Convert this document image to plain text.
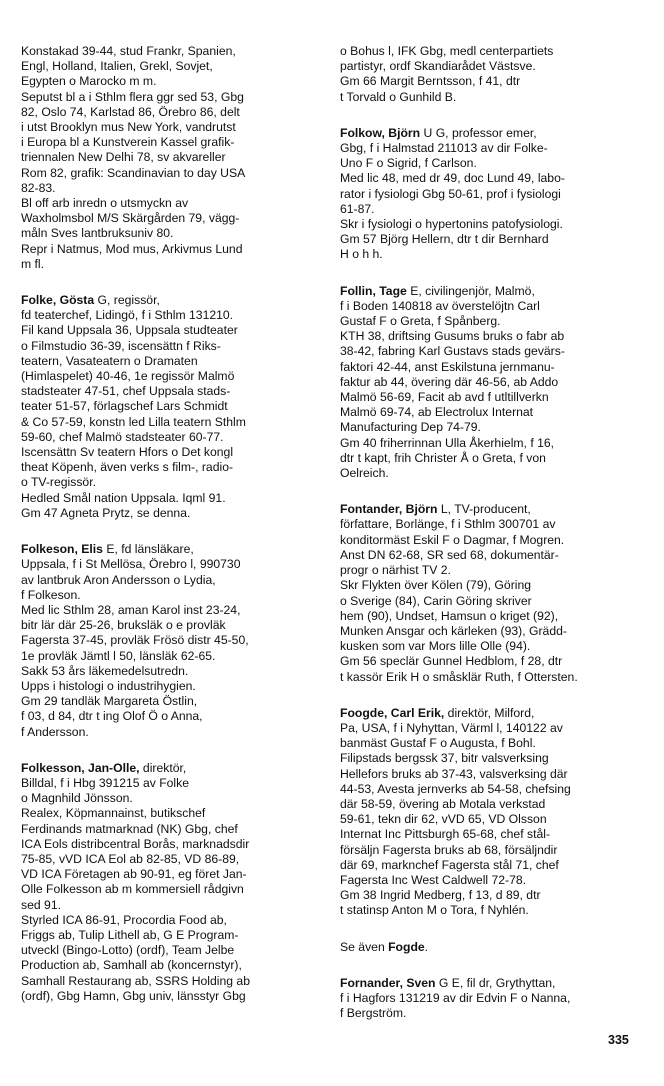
Konstakad 39-44, stud Frankr, Spanien,
Engl, Holland, Italien, Grekl, Sovjet,
Egypten o Marocko m m.
Seputst bl a i Sthlm flera ggr sed 53, Gbg
82, Oslo 74, Karlstad 86, Örebro 86, delt
i utst Brooklyn mus New York, vandrutst
i Europa bl a Kunstverein Kassel grafik-
triennalen New Delhi 78, sv akvareller
Rom 82, grafik: Scandinavian to day USA
82-83.
Bl off arb inredn o utsmyckn av
Waxholmsbol M/S Skärgården 79, vägg-
måln Sves lantbruksuniv 80.
Repr i Natmus, Mod mus, Arkivmus Lund
m fl.
Folke, Gösta G, regissör,
fd teaterchef, Lidingö, f i Sthlm 131210.
Fil kand Uppsala 36, Uppsala studteater
o Filmstudio 36-39, iscensättn f Riks-
teatern, Vasateatern o Dramaten
(Himlaspelet) 40-46, 1e regissör Malmö
stadsteater 47-51, chef Uppsala stads-
teater 51-57, förlagschef Lars Schmidt
& Co 57-59, konstn led Lilla teatern Sthlm
59-60, chef Malmö stadsteater 60-77.
Iscensättn Sv teatern Hfors o Det kongl
theat Köpenh, även verks s film-, radio-
o TV-regissör.
Hedled Smål nation Uppsala. Iqml 91.
Gm 47 Agneta Prytz, se denna.
Folkeson, Elis E, fd länsläkare,
Uppsala, f i St Mellösa, Örebro l, 990730
av lantbruk Aron Andersson o Lydia,
f Folkeson.
Med lic Sthlm 28, aman Karol inst 23-24,
bitr lär där 25-26, bruksläk o e provläk
Fagersta 37-45, provläk Frösö distr 45-50,
1e provläk Jämtl l 50, länsläk 62-65.
Sakk 53 års läkemedelsutredn.
Upps i histologi o industrihygien.
Gm 29 tandläk Margareta Östlin,
f 03, d 84, dtr t ing Olof Ö o Anna,
f Andersson.
Folkesson, Jan-Olle, direktör,
Billdal, f i Hbg 391215 av Folke
o Magnhild Jönsson.
Realex, Köpmannainst, butikschef
Ferdinands matmarknad (NK) Gbg, chef
ICA Eols distribcentral Borås, marknadsdir
75-85, vVD ICA Eol ab 82-85, VD 86-89,
VD ICA Företagen ab 90-91, eg föret Jan-
Olle Folkesson ab m kommersiell rådgivn
sed 91.
Styrled ICA 86-91, Procordia Food ab,
Friggs ab, Tulip Lithell ab, G E Program-
utveckl (Bingo-Lotto) (ordf), Team Jelbe
Production ab, Samhall ab (koncernstyr),
Samhall Restaurang ab, SSRS Holding ab
(ordf), Gbg Hamn, Gbg univ, länsstyr Gbg
o Bohus l, IFK Gbg, medl centerpartiets
partistyr, ordf Skandiarådet Västsve.
Gm 66 Margit Berntsson, f 41, dtr
t Torvald o Gunhild B.
Folkow, Björn U G, professor emer,
Gbg, f i Halmstad 211013 av dir Folke-
Uno F o Sigrid, f Carlson.
Med lic 48, med dr 49, doc Lund 49, labo-
rator i fysiologi Gbg 50-61, prof i fysiologi
61-87.
Skr i fysiologi o hypertonins patofysiologi.
Gm 57 Björg Hellern, dtr t dir Bernhard
H o h h.
Follin, Tage E, civilingenjör, Malmö,
f i Boden 140818 av överstelöjtn Carl
Gustaf F o Greta, f Spånberg.
KTH 38, driftsing Gusums bruks o fabr ab
38-42, fabring Karl Gustavs stads gevärs-
faktori 42-44, anst Eskilstuna jernmanu-
faktur ab 44, övering där 46-56, ab Addo
Malmö 56-69, Facit ab avd f utltillverkn
Malmö 69-74, ab Electrolux Internat
Manufacturing Dep 74-79.
Gm 40 friherrinnan Ulla Åkerhielm, f 16,
dtr t kapt, frih Christer Å o Greta, f von
Oelreich.
Fontander, Björn L, TV-producent,
författare, Borlänge, f i Sthlm 300701 av
konditormäst Eskil F o Dagmar, f Mogren.
Anst DN 62-68, SR sed 68, dokumentär-
progr o närhist TV 2.
Skr Flykten över Kölen (79), Göring
o Sverige (84), Carin Göring skriver
hem (90), Undset, Hamsun o kriget (92),
Munken Ansgar och kärleken (93), Grädd-
kusken som var Mors lille Olle (94).
Gm 56 speclär Gunnel Hedblom, f 28, dtr
t kassör Erik H o småsklär Ruth, f Ottersten.
Foogde, Carl Erik, direktör, Milford,
Pa, USA, f i Nyhyttan, Värml l, 140122 av
banmäst Gustaf F o Augusta, f Bohl.
Filipstads bergssk 37, bitr valsverksing
Hellefors bruks ab 37-43, valsverksing där
44-53, Avesta jernverks ab 54-58, chefsing
där 58-59, övering ab Motala verkstad
59-61, tekn dir 62, vVD 65, VD Olsson
Internat Inc Pittsburgh 65-68, chef stål-
försäljn Fagersta bruks ab 68, försäljndir
där 69, marknchef Fagersta stål 71, chef
Fagersta Inc West Caldwell 72-78.
Gm 38 Ingrid Medberg, f 13, d 89, dtr
t statinsp Anton M o Tora, f Nyhlén.
Se även Fogde.
Fornander, Sven G E, fil dr, Grythyttan,
f i Hagfors 131219 av dir Edvin F o Nanna,
f Bergström.
335
